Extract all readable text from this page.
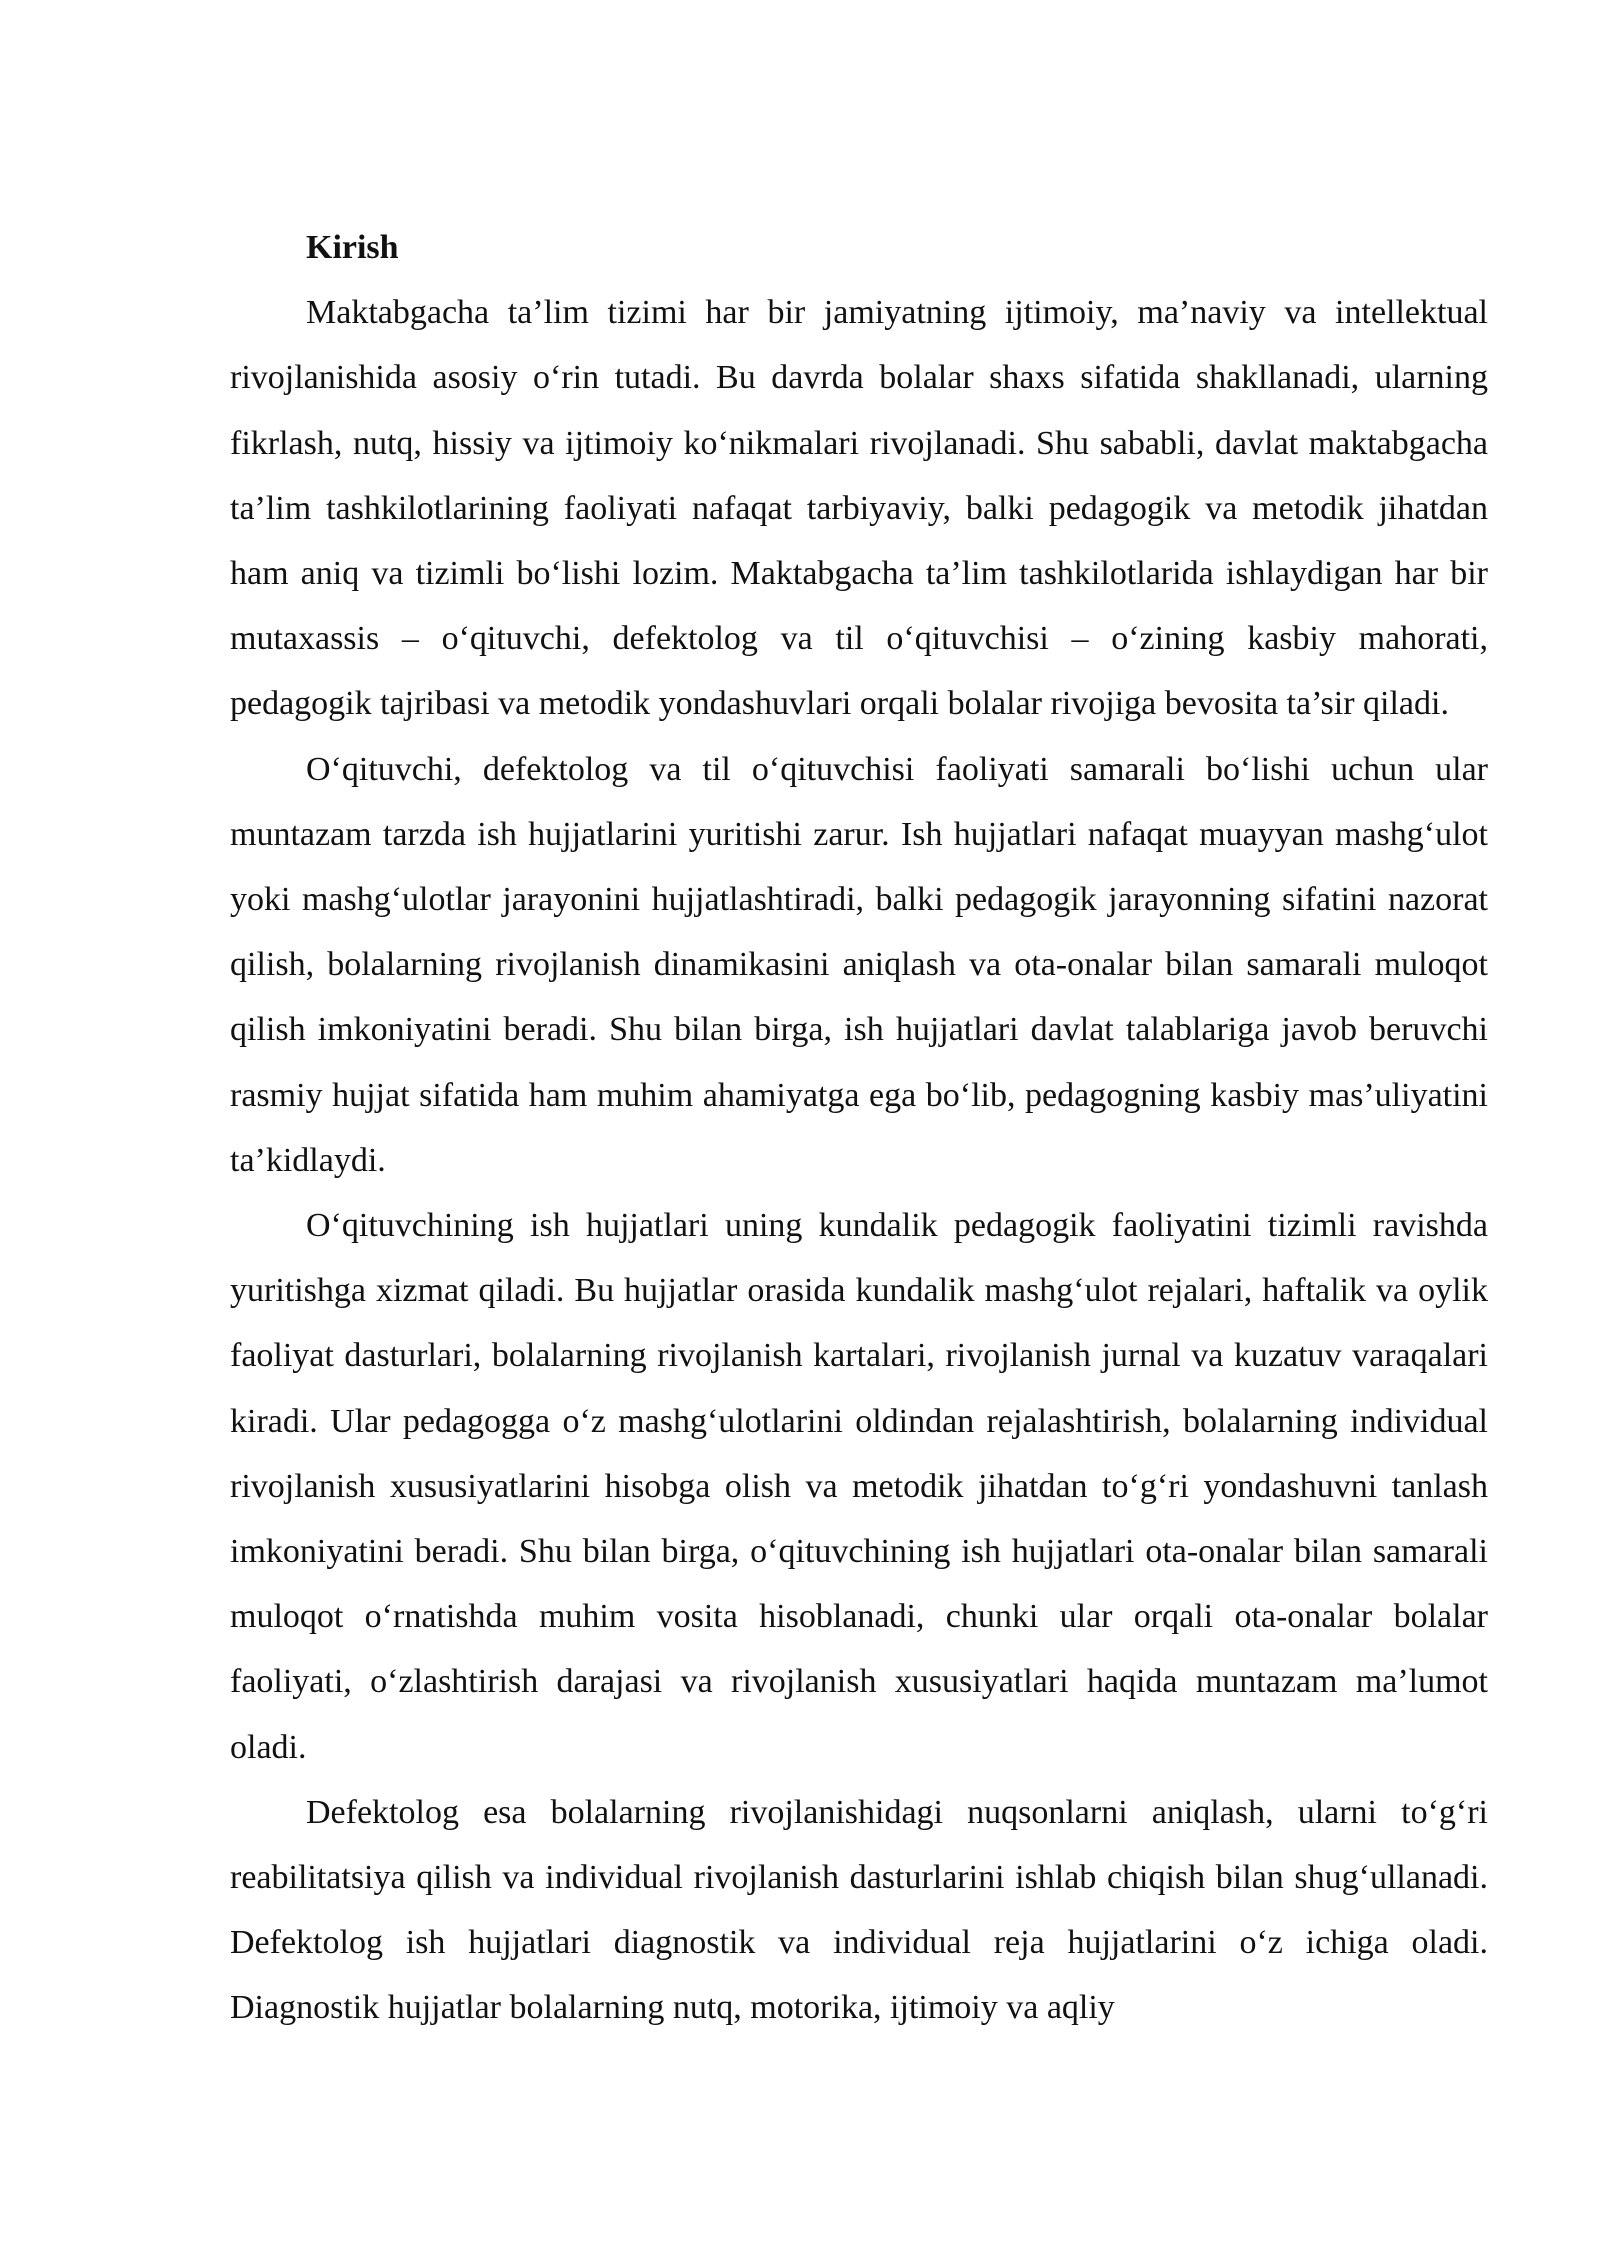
Kirish

Maktabgacha ta’lim tizimi har bir jamiyatning ijtimoiy, ma’naviy va intellektual rivojlanishida asosiy o‘rin tutadi. Bu davrda bolalar shaxs sifatida shakllanadi, ularning fikrlash, nutq, hissiy va ijtimoiy ko‘nikmalari rivojlanadi. Shu sababli, davlat maktabgacha ta’lim tashkilotlarining faoliyati nafaqat tarbiyaviy, balki pedagogik va metodik jihatdan ham aniq va tizimli bo‘lishi lozim. Maktabgacha ta’lim tashkilotlarida ishlaydigan har bir mutaxassis – o‘qituvchi, defektolog va til o‘qituvchisi – o‘zining kasbiy mahorati, pedagogik tajribasi va metodik yondashuvlari orqali bolalar rivojiga bevosita ta’sir qiladi.

O‘qituvchi, defektolog va til o‘qituvchisi faoliyati samarali bo‘lishi uchun ular muntazam tarzda ish hujjatlarini yuritishi zarur. Ish hujjatlari nafaqat muayyan mashg‘ulot yoki mashg‘ulotlar jarayonini hujjatlashtiradi, balki pedagogik jarayonning sifatini nazorat qilish, bolalarning rivojlanish dinamikasini aniqlash va ota-onalar bilan samarali muloqot qilish imkoniyatini beradi. Shu bilan birga, ish hujjatlari davlat talablariga javob beruvchi rasmiy hujjat sifatida ham muhim ahamiyatga ega bo‘lib, pedagogning kasbiy mas’uliyatini ta’kidlaydi.

O‘qituvchining ish hujjatlari uning kundalik pedagogik faoliyatini tizimli ravishda yuritishga xizmat qiladi. Bu hujjatlar orasida kundalik mashg‘ulot rejalari, haftalik va oylik faoliyat dasturlari, bolalarning rivojlanish kartalari, rivojlanish jurnal va kuzatuv varaqalari kiradi. Ular pedagogga o‘z mashg‘ulotlarini oldindan rejalashtirish, bolalarning individual rivojlanish xususiyatlarini hisobga olish va metodik jihatdan to‘g‘ri yondashuvni tanlash imkoniyatini beradi. Shu bilan birga, o‘qituvchining ish hujjatlari ota-onalar bilan samarali muloqot o‘rnatishda muhim vosita hisoblanadi, chunki ular orqali ota-onalar bolalar faoliyati, o‘zlashtirish darajasi va rivojlanish xususiyatlari haqida muntazam ma’lumot oladi.

Defektolog esa bolalarning rivojlanishidagi nuqsonlarni aniqlash, ularni to‘g‘ri reabilitatsiya qilish va individual rivojlanish dasturlarini ishlab chiqish bilan shug‘ullanadi. Defektolog ish hujjatlari diagnostik va individual reja hujjatlarini o‘z ichiga oladi. Diagnostik hujjatlar bolalarning nutq, motorika, ijtimoiy va aqliy
